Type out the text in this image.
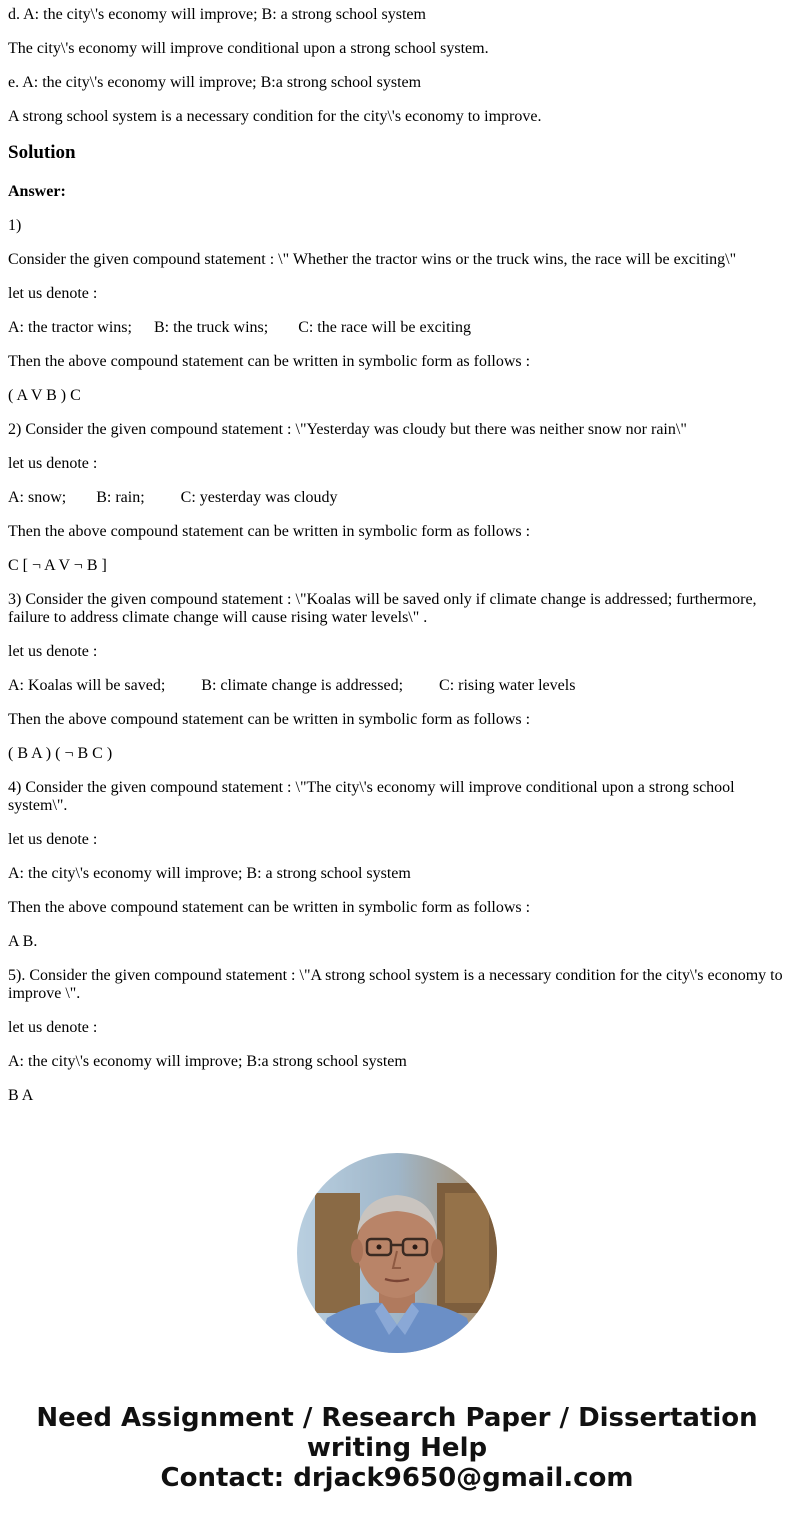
d. A: the city\'s economy will improve; B: a strong school system

The city\'s economy will improve conditional upon a strong school system.

e. A: the city\'s economy will improve; B:a strong school system

A strong school system is a necessary condition for the city\'s economy to improve.

Solution

Answer:

1)

Consider the given compound statement : \" Whether the tractor wins or the truck wins, the race will be exciting\"

let us denote :

A: the tractor wins; B: the truck wins; C: the race will be exciting

Then the above compound statement can be written in symbolic form as follows :

( A V B ) C

2) Consider the given compound statement : \"Yesterday was cloudy but there was neither snow nor rain\"

let us denote :

A: snow; B: rain; C: yesterday was cloudy

Then the above compound statement can be written in symbolic form as follows :

C [ ¬ A V ¬ B ]

3) Consider the given compound statement : \"Koalas will be saved only if climate change is addressed; furthermore, failure to address climate change will cause rising water levels\" .

let us denote :

A: Koalas will be saved; B: climate change is addressed; C: rising water levels

Then the above compound statement can be written in symbolic form as follows :

( B A ) ( ¬ B C )

4) Consider the given compound statement : \"The city\'s economy will improve conditional upon a strong school system\".

let us denote :

A: the city\'s economy will improve; B: a strong school system

Then the above compound statement can be written in symbolic form as follows :

A B.

5). Consider the given compound statement : \"A strong school system is a necessary condition for the city\'s economy to improve \".

let us denote :

A: the city\'s economy will improve; B:a strong school system

B A

Need Assignment / Research Paper / Dissertation
writing Help
Contact: drjack9650@gmail.com
